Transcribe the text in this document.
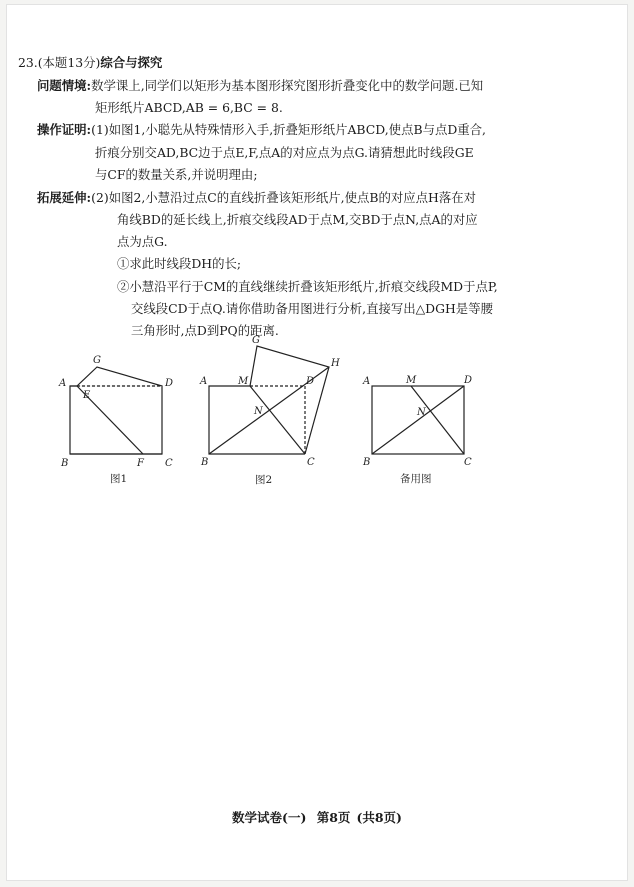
23.(本题13分)综合与探究
问题情境:数学课上,同学们以矩形为基本图形探究图形折叠变化中的数学问题.已知
矩形纸片ABCD,AB = 6,BC = 8.
操作证明:(1)如图1,小聪先从特殊情形入手,折叠矩形纸片ABCD,使点B与点D重合,
折痕分别交AD,BC边于点E,F,点A的对应点为点G.请猜想此时线段GE
与CF的数量关系,并说明理由;
拓展延伸:(2)如图2,小慧沿过点C的直线折叠该矩形纸片,使点B的对应点H落在对
角线BD的延长线上,折痕交线段AD于点M,交BD于点N,点A的对应
点为点G.
①求此时线段DH的长;
②小慧沿平行于CM的直线继续折叠该矩形纸片,折痕交线段MD于点P,
交线段CD于点Q.请你借助备用图进行分析,直接写出△DGH是等腰
三角形时,点D到PQ的距离.
A	D
G
E
B	F C
图1
A	M	D
G
H
N
B	C
图2
A	M	D
N
B	C
备用图
数学试卷(一) 第8页 (共8页)
